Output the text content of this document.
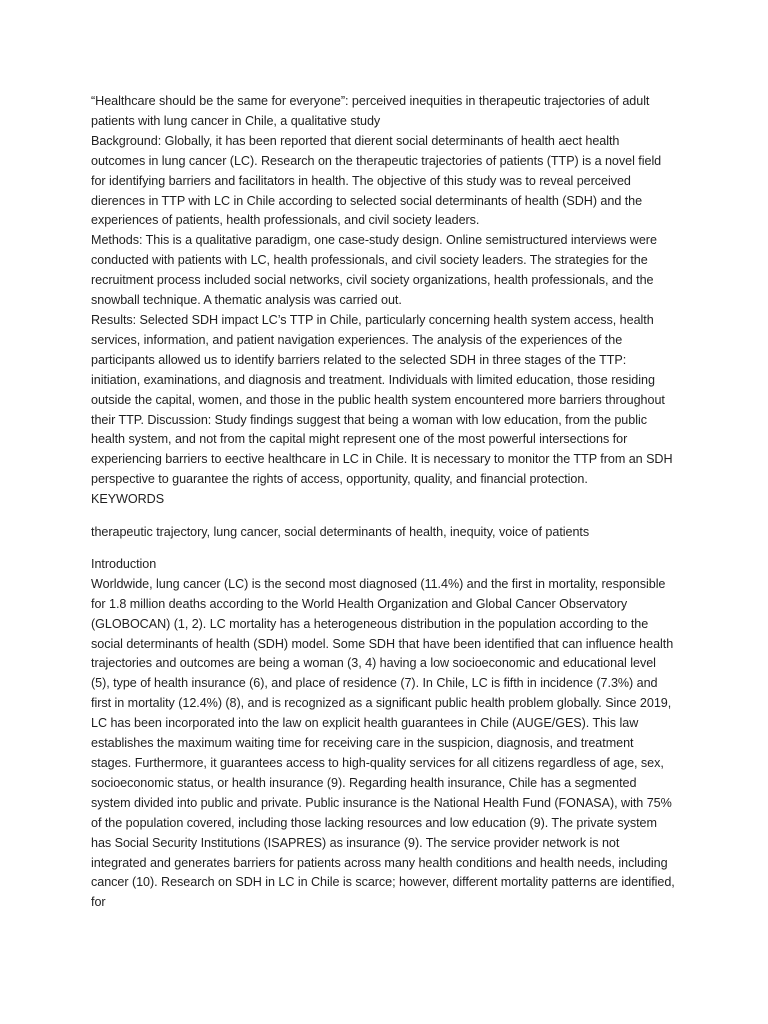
“Healthcare should be the same for everyone”: perceived inequities in therapeutic trajectories of adult patients with lung cancer in Chile, a qualitative study

Background: Globally, it has been reported that dierent social determinants of health aect health outcomes in lung cancer (LC). Research on the therapeutic trajectories of patients (TTP) is a novel field for identifying barriers and facilitators in health. The objective of this study was to reveal perceived dierences in TTP with LC in Chile according to selected social determinants of health (SDH) and the experiences of patients, health professionals, and civil society leaders.

Methods: This is a qualitative paradigm, one case-study design. Online semistructured interviews were conducted with patients with LC, health professionals, and civil society leaders. The strategies for the recruitment process included social networks, civil society organizations, health professionals, and the snowball technique. A thematic analysis was carried out.

Results: Selected SDH impact LC’s TTP in Chile, particularly concerning health system access, health services, information, and patient navigation experiences. The analysis of the experiences of the participants allowed us to identify barriers related to the selected SDH in three stages of the TTP: initiation, examinations, and diagnosis and treatment. Individuals with limited education, those residing outside the capital, women, and those in the public health system encountered more barriers throughout their TTP. Discussion: Study findings suggest that being a woman with low education, from the public health system, and not from the capital might represent one of the most powerful intersections for experiencing barriers to eective healthcare in LC in Chile. It is necessary to monitor the TTP from an SDH perspective to guarantee the rights of access, opportunity, quality, and financial protection.

KEYWORDS

therapeutic trajectory, lung cancer, social determinants of health, inequity, voice of patients

Introduction

Worldwide, lung cancer (LC) is the second most diagnosed (11.4%) and the first in mortality, responsible for 1.8 million deaths according to the World Health Organization and Global Cancer Observatory (GLOBOCAN) (1, 2). LC mortality has a heterogeneous distribution in the population according to the social determinants of health (SDH) model. Some SDH that have been identified that can influence health trajectories and outcomes are being a woman (3, 4) having a low socioeconomic and educational level (5), type of health insurance (6), and place of residence (7). In Chile, LC is fifth in incidence (7.3%) and first in mortality (12.4%) (8), and is recognized as a significant public health problem globally. Since 2019, LC has been incorporated into the law on explicit health guarantees in Chile (AUGE/GES). This law establishes the maximum waiting time for receiving care in the suspicion, diagnosis, and treatment stages. Furthermore, it guarantees access to high-quality services for all citizens regardless of age, sex, socioeconomic status, or health insurance (9). Regarding health insurance, Chile has a segmented system divided into public and private. Public insurance is the National Health Fund (FONASA), with 75% of the population covered, including those lacking resources and low education (9). The private system has Social Security Institutions (ISAPRES) as insurance (9). The service provider network is not integrated and generates barriers for patients across many health conditions and health needs, including cancer (10). Research on SDH in LC in Chile is scarce; however, different mortality patterns are identified, for
